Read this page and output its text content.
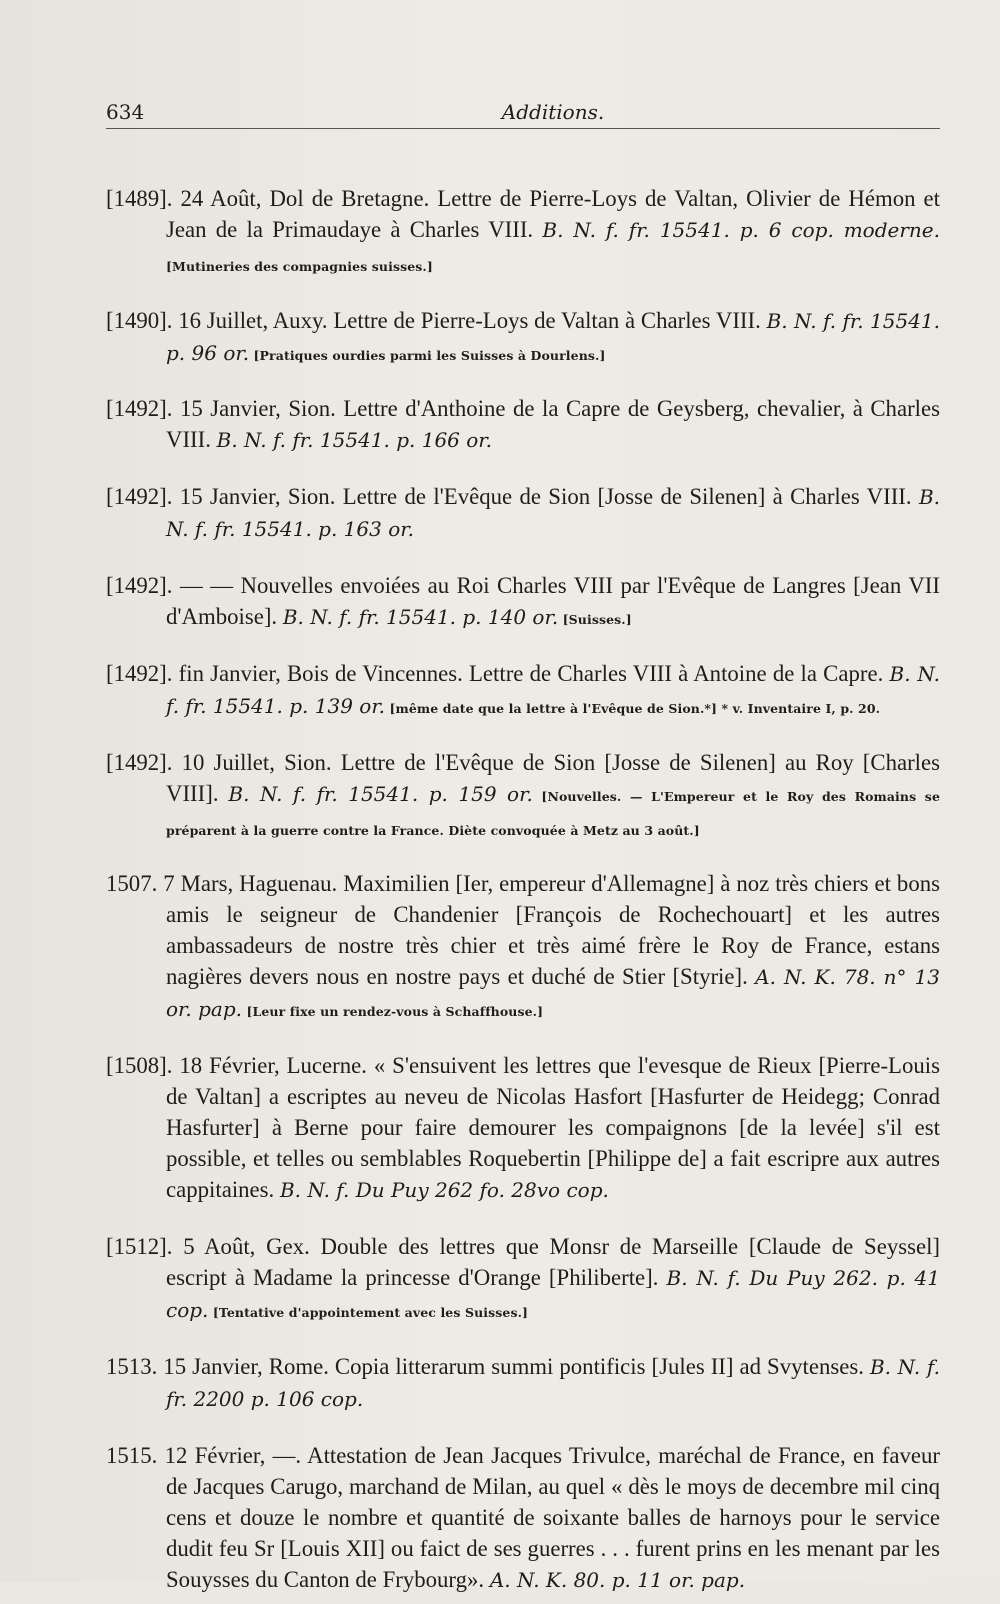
634	Additions.

[1489]. 24 Août, Dol de Bretagne. Lettre de Pierre-Loys de Valtan, Olivier de Hémon et Jean de la Primaudaye à Charles VIII. B. N. f. fr. 15541. p. 6 cop. moderne. [Mutineries des compagnies suisses.]

[1490]. 16 Juillet, Auxy. Lettre de Pierre-Loys de Valtan à Charles VIII. B. N. f. fr. 15541. p. 96 or. [Pratiques ourdies parmi les Suisses à Dourlens.]

[1492]. 15 Janvier, Sion. Lettre d'Anthoine de la Capre de Geysberg, chevalier, à Charles VIII. B. N. f. fr. 15541. p. 166 or.

[1492]. 15 Janvier, Sion. Lettre de l'Evêque de Sion [Josse de Silenen] à Charles VIII. B. N. f. fr. 15541. p. 163 or.

[1492]. — — Nouvelles envoiées au Roi Charles VIII par l'Evêque de Langres [Jean VII d'Amboise]. B. N. f. fr. 15541. p. 140 or. [Suisses.]

[1492]. fin Janvier, Bois de Vincennes. Lettre de Charles VIII à Antoine de la Capre. B. N. f. fr. 15541. p. 139 or. [même date que la lettre à l'Evêque de Sion.*] * v. Inventaire I, p. 20.

[1492]. 10 Juillet, Sion. Lettre de l'Evêque de Sion [Josse de Silenen] au Roy [Charles VIII]. B. N. f. fr. 15541. p. 159 or. [Nouvelles. — L'Empereur et le Roy des Romains se préparent à la guerre contre la France. Diète convoquée à Metz au 3 août.]

1507. 7 Mars, Haguenau. Maximilien [Ier, empereur d'Allemagne] à noz très chiers et bons amis le seigneur de Chandenier [François de Rochechouart] et les autres ambassadeurs de nostre très chier et très aimé frère le Roy de France, estans nagières devers nous en nostre pays et duché de Stier [Styrie]. A. N. K. 78. n° 13 or. pap. [Leur fixe un rendez-vous à Schaffhouse.]

[1508]. 18 Février, Lucerne. « S'ensuivent les lettres que l'evesque de Rieux [Pierre-Louis de Valtan] a escriptes au neveu de Nicolas Hasfort [Hasfurter de Heidegg; Conrad Hasfurter] à Berne pour faire demourer les compaignons [de la levée] s'il est possible, et telles ou semblables Roquebertin [Philippe de] a fait escripre aux autres cappitaines. B. N. f. Du Puy 262 fo. 28vo cop.

[1512]. 5 Août, Gex. Double des lettres que Monsr de Marseille [Claude de Seyssel] escript à Madame la princesse d'Orange [Philiberte]. B. N. f. Du Puy 262. p. 41 cop. [Tentative d'appointement avec les Suisses.]

1513. 15 Janvier, Rome. Copia litterarum summi pontificis [Jules II] ad Svytenses. B. N. f. fr. 2200 p. 106 cop.

1515. 12 Février, —. Attestation de Jean Jacques Trivulce, maréchal de France, en faveur de Jacques Carugo, marchand de Milan, au quel « dès le moys de decembre mil cinq cens et douze le nombre et quantité de soixante balles de harnoys pour le service dudit feu Sr [Louis XII] ou faict de ses guerres . . . furent prins en les menant par les Souysses du Canton de Frybourg». A. N. K. 80. p. 11 or. pap.
